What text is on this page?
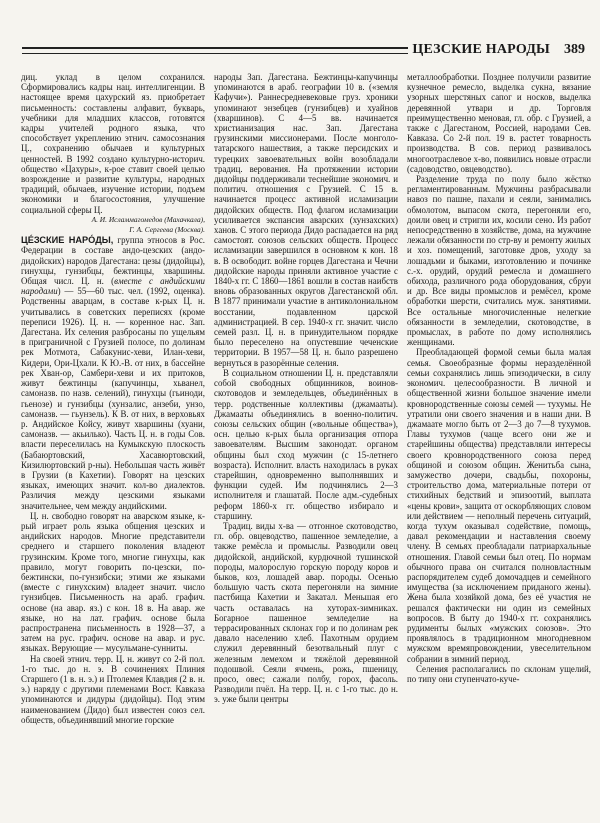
ЦЕЗСКИЕ НАРОДЫ 389

диц. уклад в целом сохранился. Сформировались кадры нац. интеллигенции. В настоящее время цахурский яз. приобретает письменность: составлены алфавит, букварь, учебники для младших классов, готовятся кадры учителей родного языка, что способствует укреплению этнич. самосознания Ц., сохранению обычаев и культурных ценностей. В 1992 создано культурно-историч. общество «Цахуры», к-рое ставит своей целью возрождение и развитие культуры, народных традиций, обычаев, изучение истории, подъем экономики и благосостояния, улучшение социальной сферы Ц.

А. И. Исламмагомедов (Махачкала),
Г. А. Сергеева (Москва).

ЦЕ́ЗСКИЕ НАРО́ДЫ, группа этносов в Рос. Федерации в составе андо-цезских (андо-дидойских) народов Дагестана: цезы (дидойцы), гинухцы, гунзибцы, бежтинцы, хваршины. Общая числ. Ц. н. (вместе с андийскими народами) — 55—60 тыс. чел. (1992, оценка). Родственны аварцам, в составе к-рых Ц. н. учитывались в советских переписях (кроме переписи 1926). Ц. н. — коренное нас. Зап. Дагестана. Их селения разбросаны по ущельям в приграничной с Грузией полосе, по долинам рек Мотмота, Сабакунис-хеви, Илан-хеви, Кидери, Ори-Цхали. К Ю.-В. от них, в бассейне рек Хван-ор, Самбери-хеви и их притоков, живут бежтинцы (капучинцы, хьванел, самоназв. по назв. селений), гинухцы (гьиноди, гьенозе) и гунзибцы (хунзалис, анзеби, унзо, самоназв. — гьунзель). К В. от них, в верховьях р. Андийское Койсу, живут хваршины (хуани, самоназв. — акьилько). Часть Ц. н. в годы Сов. власти переселилась на Кумыкскую плоскость (Бабаюртовский, Хасавюртовский, Кизилюртовский р-ны). Небольшая часть живёт в Грузии (в Кахетии). Говорят на цезских языках, имеющих значит. кол-во диалектов. Различия между цезскими языками значительнее, чем между андийскими.

Ц. н. свободно говорят на аварском языке, к-рый играет роль языка общения цезских и андийских народов. Многие представители среднего и старшего поколения владеют грузинским. Кроме того, многие гинухцы, как правило, могут говорить по-цезски, по-бежтински, по-гунзибски; этими же языками (вместе с гинухским) владеет значит. число гунзибцев. Письменность на араб. графич. основе (на авар. яз.) с кон. 18 в. На авар. же языке, но на лат. графич. основе была распространена письменность в 1928—37, а затем на рус. графич. основе на авар. и рус. языках. Верующие — мусульмане-сунниты.

На своей этнич. терр. Ц. н. живут со 2-й пол. 1-го тыс. до н. э. В сочинениях Плиния Старшего (1 в. н. э.) и Птолемея Клавдия (2 в. н. э.) наряду с другими племенами Вост. Кавказа упоминаются и дидуры (дидойцы). Под этим наименованием (Дидо) был известен союз сел. обществ, объединявший многие горские

народы Зап. Дагестана. Бежтинцы-капучинцы упоминаются в араб. географии 10 в. («земля Кафучи»). Раннесредневековые груз. хроники упоминают энзебцев (гунзибцев) и хуайнов (хваршинов). С 4—5 вв. начинается христианизация нас. Зап. Дагестана грузинскими миссионерами. После монголо-татарского нашествия, а также персидских и турецких завоевательных войн возобладали традиц. верования. На протяжении истории дидойцы поддерживали теснейшие экономич. и политич. отношения с Грузией. С 15 в. начинается процесс активной исламизации дидойских обществ. Под флагом исламизации усиливается экспансия аварских (хунзахских) ханов. С этого периода Дидо распадается на ряд самостоят. союзов сельских обществ. Процесс исламизации завершился в основном к кон. 18 в. В освободит. войне горцев Дагестана и Чечни дидойские народы приняли активное участие с 1840-х гг. С 1860—1861 вошли в состав наибств вновь образованных округов Дагестанской обл. В 1877 принимали участие в антиколониальном восстании, подавленном царской администрацией. В сер. 1940-х гг. значит. число семей разл. Ц. н. в принудительном порядке было переселено на опустевшие чеченские территории. В 1957—58 Ц. н. было разрешено вернуться в разорённые селения.

В социальном отношении Ц. н. представляли собой свободных общинников, воинов-скотоводов и земледельцев, объединённых в терр. родственные коллективы (джамааты). Джамааты объединялись в военно-политич. союзы сельских общин («вольные общества»), осн. целью к-рых была организация отпора завоевателям. Высшим законодат. органом общины был сход мужчин (с 15-летнего возраста). Исполнит. власть находилась в руках старейшин, одновременно выполнявших и функции судей. Им подчинялись 2—3 исполнителя и глашатай. После адм.-судебных реформ 1860-х гг. общество избирало и старшину.

Традиц. виды х-ва — отгонное скотоводство, гл. обр. овцеводство, пашенное земледелие, а также ремёсла и промыслы. Разводили овец дидойской, андийской, курдючной тушинской породы, малорослую горскую породу коров и быков, коз, лошадей авар. породы. Осенью большую часть скота перегоняли на зимние пастбища Кахетии и Закатал. Меньшая его часть оставалась на хуторах-зимниках. Богарное пашенное земледелие на террасированных склонах гор и по долинам рек давало населению хлеб. Пахотным орудием служил деревянный безотвальный плуг с железным лемехом и тяжёлой деревянной подошвой. Сеяли ячмень, рожь, пшеницу, просо, овес; сажали полбу, горох, фасоль. Разводили пчёл. На терр. Ц. н. с 1-го тыс. до н. э. уже были центры

металлообработки. Позднее получили развитие кузнечное ремесло, выделка сукна, вязание узорных шерстяных сапог и носков, выделка деревянной утвари и др. Торговля преимущественно меновая, гл. обр. с Грузией, а также с Дагестаном, Россией, народами Сев. Кавказа. Со 2-й пол. 19 в. растет товарность производства. В сов. период развивалось многоотраслевое х-во, появились новые отрасли (садоводство, овцеводство).

Разделение труда по полу было жёстко регламентированным. Мужчины разбрасывали навоз по пашне, пахали и сеяли, занимались обмолотом, выпасом скота, перегоняли его, доили овец и стригли их, косили сено. Из работ непосредственно в хозяйстве, дома, на мужчине лежали обязанности по стр-ву и ремонту жилых и хоз. помещений, заготовке дров, уходу за лошадьми и быками, изготовлению и починке с.-х. орудий, орудий ремесла и домашнего обихода, различного рода оборудования, сбруи и др. Все виды промыслов и ремёсел, кроме обработки шерсти, считались муж. занятиями. Все остальные многочисленные нелегкие обязанности в земледелии, скотоводстве, в промыслах, в работе по дому исполнялись женщинами.

Преобладающей формой семьи была малая семья. Своеобразные формы неразделённой семьи сохранялись лишь эпизодически, в силу экономич. целесообразности. В личной и общественной жизни большое значение имели кровнородственные союзы семей — тухумы. Не утратили они своего значения и в наши дни. В джамаате могло быть от 2—3 до 7—8 тухумов. Главы тухумов (чаще всего они же и старейшины общества) представляли интересы своего кровнородственного союза перед общиной и союзом общин. Женитьба сына, замужество дочери, свадьбы, похороны, строительство дома, материальные потери от стихийных бедствий и эпизоотий, выплата «цены крови», защита от оскорбляющих словом или действием — неполный перечень ситуаций, когда тухум оказывал содействие, помощь, давал рекомендации и наставления своему члену. В семьях преобладали патриархальные отношения. Главой семьи был отец. По нормам обычного права он считался полновластным распорядителем судеб домочадцев и семейного имущества (за исключением приданого жены). Жена была хозяйкой дома, без её участия не решался фактически ни один из семейных вопросов. В быту до 1940-х гг. сохранялись рудименты былых «мужских союзов». Это проявлялось в традиционном многодневном мужском времяпровождении, увеселительном собрании в зимний период.

Селения располагались по склонам ущелий, по типу они ступенчато-куче-
